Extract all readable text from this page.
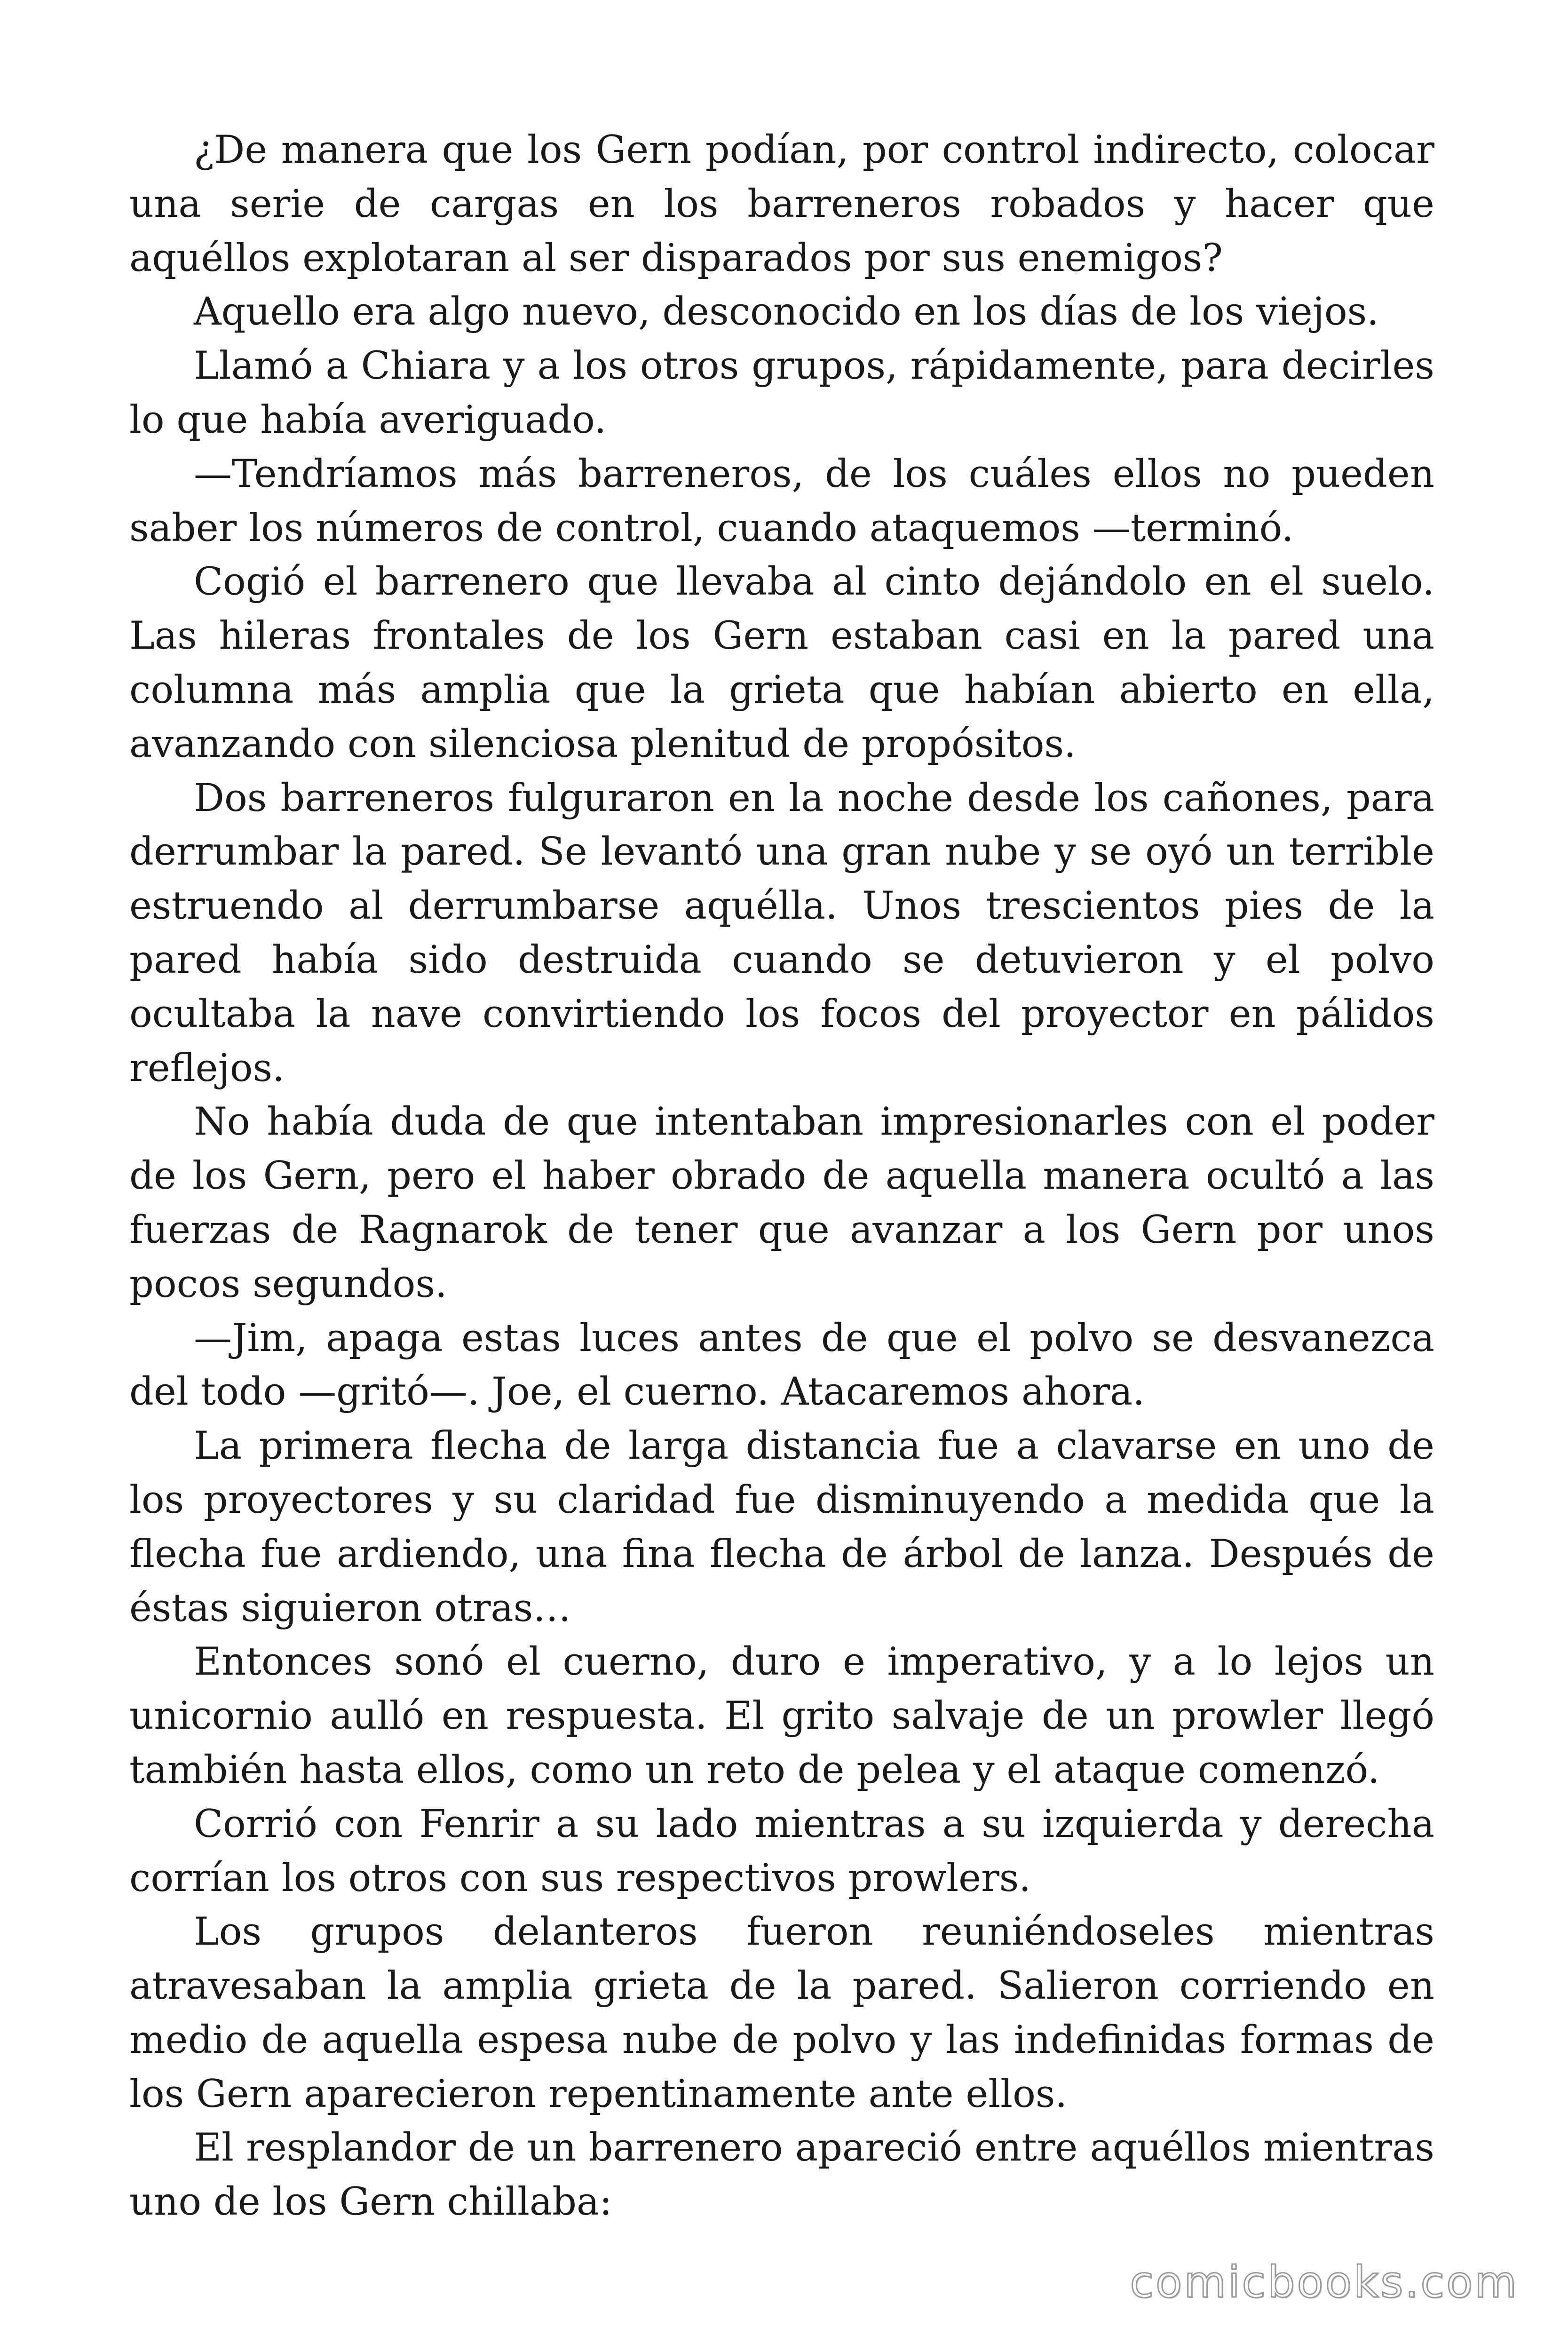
¿De manera que los Gern podían, por control indirecto, colocar una serie de cargas en los barreneros robados y hacer que aquéllos explotaran al ser disparados por sus enemigos?

Aquello era algo nuevo, desconocido en los días de los viejos.

Llamó a Chiara y a los otros grupos, rápidamente, para decirles lo que había averiguado.

—Tendríamos más barreneros, de los cuáles ellos no pueden saber los números de control, cuando ataquemos —terminó.

Cogió el barrenero que llevaba al cinto dejándolo en el suelo. Las hileras frontales de los Gern estaban casi en la pared una columna más amplia que la grieta que habían abierto en ella, avanzando con silenciosa plenitud de propósitos.

Dos barreneros fulguraron en la noche desde los cañones, para derrumbar la pared. Se levantó una gran nube y se oyó un terrible estruendo al derrumbarse aquélla. Unos trescientos pies de la pared había sido destruida cuando se detuvieron y el polvo ocultaba la nave convirtiendo los focos del proyector en pálidos reflejos.

No había duda de que intentaban impresionarles con el poder de los Gern, pero el haber obrado de aquella manera ocultó a las fuerzas de Ragnarok de tener que avanzar a los Gern por unos pocos segundos.

—Jim, apaga estas luces antes de que el polvo se desvanezca del todo —gritó—. Joe, el cuerno. Atacaremos ahora.

La primera flecha de larga distancia fue a clavarse en uno de los proyectores y su claridad fue disminuyendo a medida que la flecha fue ardiendo, una fina flecha de árbol de lanza. Después de éstas siguieron otras…

Entonces sonó el cuerno, duro e imperativo, y a lo lejos un unicornio aulló en respuesta. El grito salvaje de un prowler llegó también hasta ellos, como un reto de pelea y el ataque comenzó.

Corrió con Fenrir a su lado mientras a su izquierda y derecha corrían los otros con sus respectivos prowlers.

Los grupos delanteros fueron reuniéndoseles mientras atravesaban la amplia grieta de la pared. Salieron corriendo en medio de aquella espesa nube de polvo y las indefinidas formas de los Gern aparecieron repentinamente ante ellos.

El resplandor de un barrenero apareció entre aquéllos mientras uno de los Gern chillaba:

comicbooks.com
